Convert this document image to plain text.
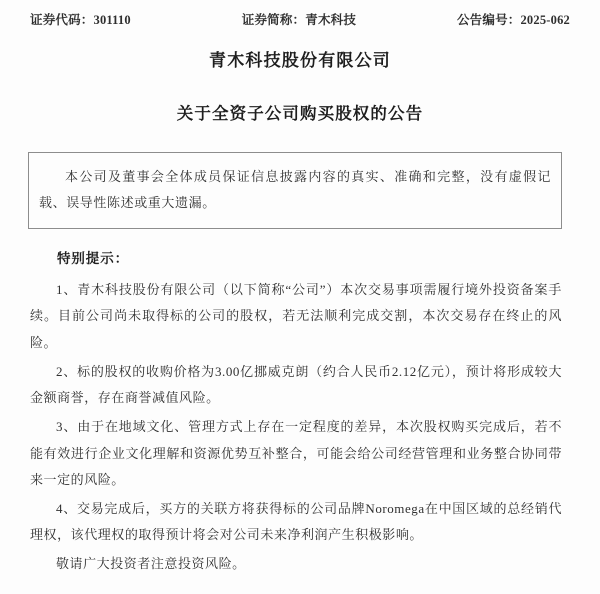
证券代码：301110	证券简称：青木科技	公告编号：2025-062
青木科技股份有限公司
关于全资子公司购买股权的公告

本公司及董事会全体成员保证信息披露内容的真实、准确和完整，没有虚假记载、误导性陈述或重大遗漏。

特别提示：

1、青木科技股份有限公司（以下简称“公司”）本次交易事项需履行境外投资备案手续。目前公司尚未取得标的公司的股权，若无法顺利完成交割，本次交易存在终止的风险。

2、标的股权的收购价格为3.00亿挪威克朗（约合人民币2.12亿元），预计将形成较大金额商誉，存在商誉减值风险。

3、由于在地域文化、管理方式上存在一定程度的差异，本次股权购买完成后，若不能有效进行企业文化理解和资源优势互补整合，可能会给公司经营管理和业务整合协同带来一定的风险。

4、交易完成后，买方的关联方将获得标的公司品牌Noromega在中国区域的总经销代理权，该代理权的取得预计将会对公司未来净利润产生积极影响。

敬请广大投资者注意投资风险。
